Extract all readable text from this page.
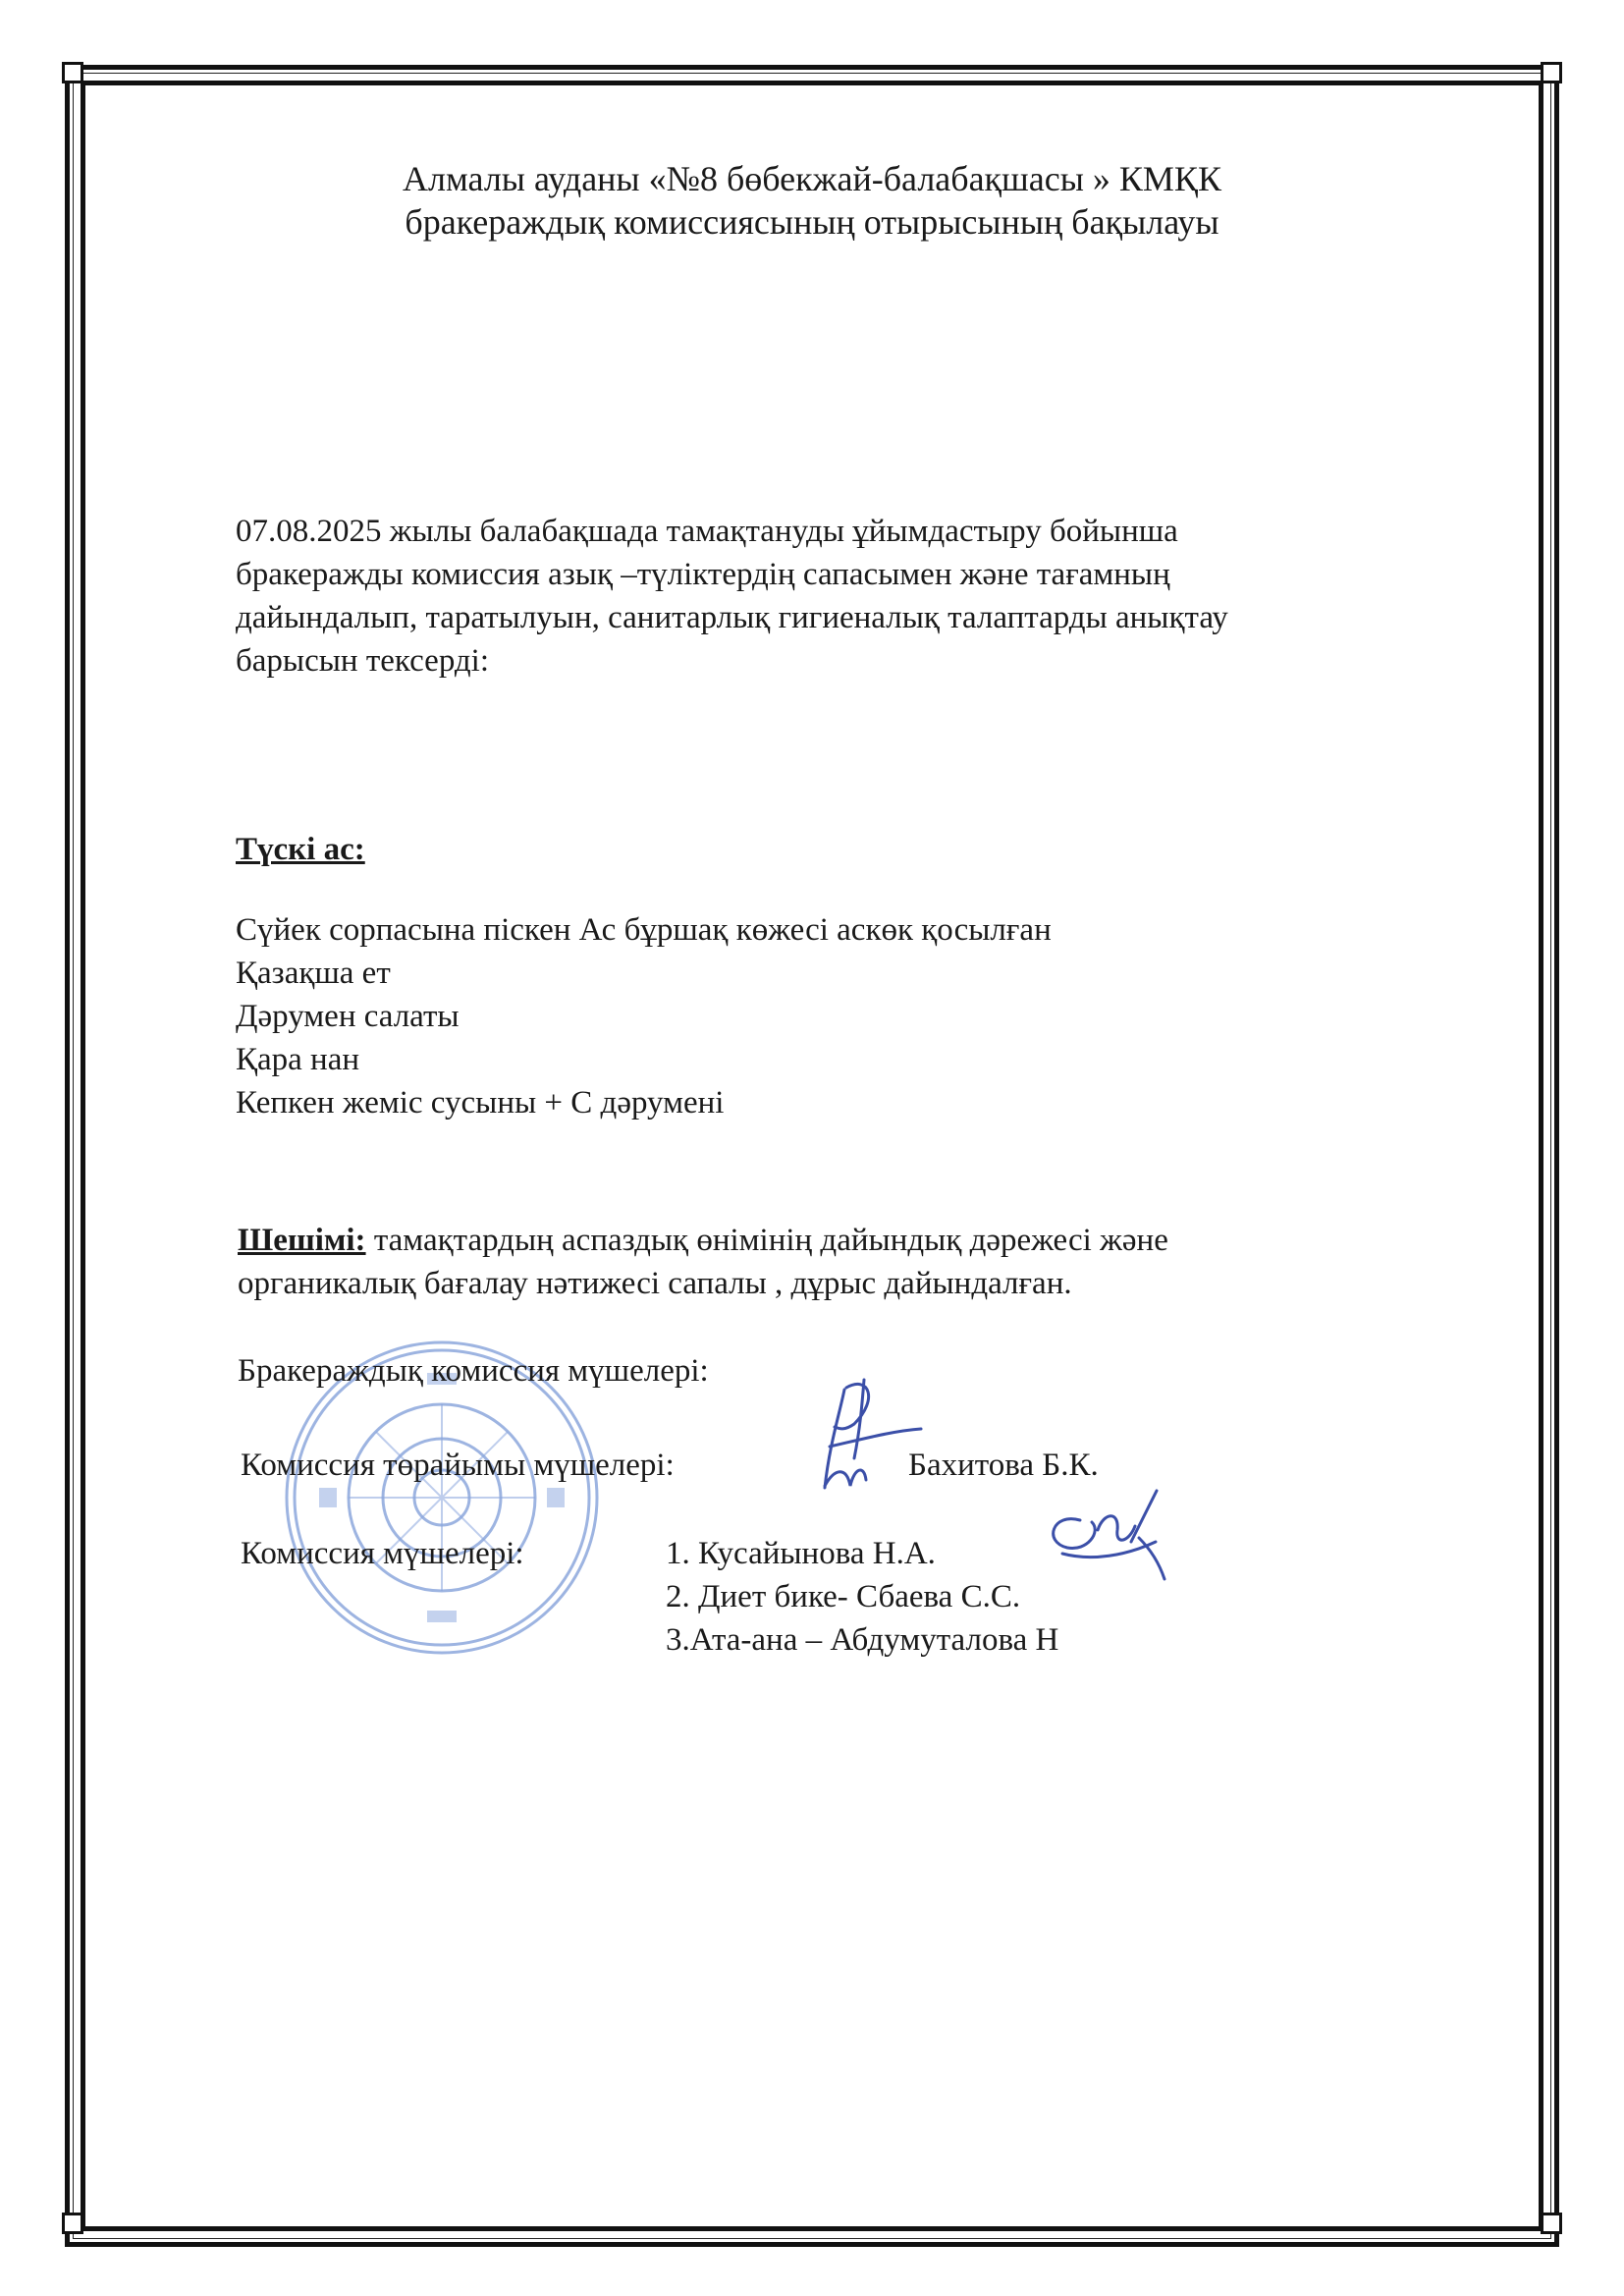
Алмалы ауданы «№8 бөбекжай-балабақшасы » КМҚК
бракераждық комиссиясының отырысының бақылауы
07.08.2025 жылы балабақшада тамақтануды ұйымдастыру бойынша
бракеражды комиссия азық –түліктердің сапасымен және тағамның
дайындалып, таратылуын, санитарлық гигиеналық талаптарды анықтау
барысын тексерді:
Түскі ас:
Сүйек сорпасына піскен Ас бұршақ көжесі аскөк қосылған
Қазақша ет
Дәрумен салаты
Қара нан
Кепкен жеміс сусыны + С дәрумені
Шешімі: тамақтардың аспаздық өнімінің дайындық дәрежесі және
органикалық бағалау нәтижесі сапалы , дұрыс дайындалған.
Бракераждық комиссия мүшелері:
Комиссия төрайымы мүшелері:	Бахитова Б.К.
Комиссия мүшелері:	1. Кусайынова Н.А.
2. Диет бике- Сбаева С.С.
3.Ата-ана – Абдумуталова Н
